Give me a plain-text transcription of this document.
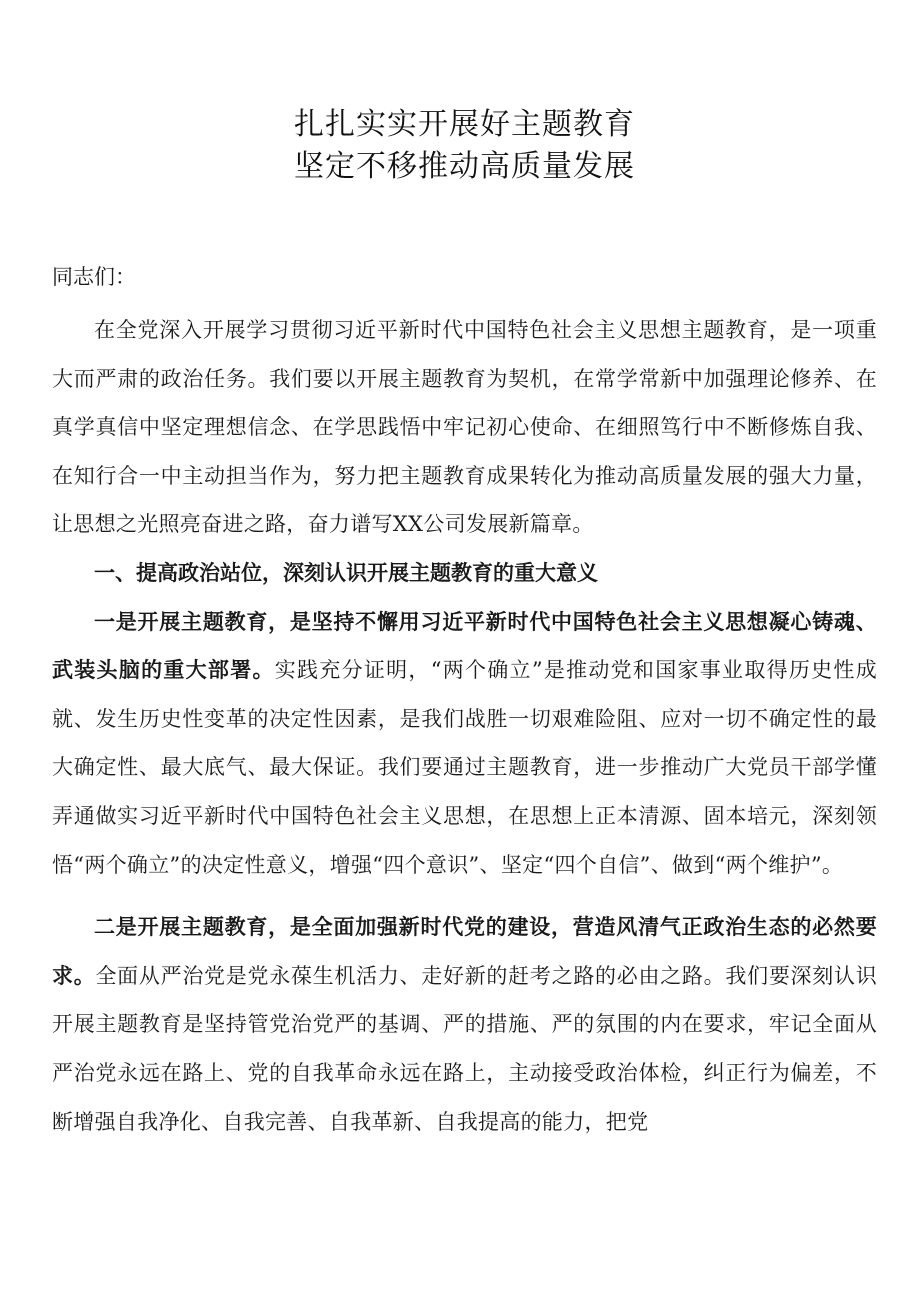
扎扎实实开展好主题教育
坚定不移推动高质量发展

同志们：

在全党深入开展学习贯彻习近平新时代中国特色社会主义思想主题教育，是一项重大而严肃的政治任务。我们要以开展主题教育为契机，在常学常新中加强理论修养、在真学真信中坚定理想信念、在学思践悟中牢记初心使命、在细照笃行中不断修炼自我、在知行合一中主动担当作为，努力把主题教育成果转化为推动高质量发展的强大力量，让思想之光照亮奋进之路，奋力谱写XX公司发展新篇章。

一、提高政治站位，深刻认识开展主题教育的重大意义

一是开展主题教育，是坚持不懈用习近平新时代中国特色社会主义思想凝心铸魂、武装头脑的重大部署。实践充分证明，“两个确立”是推动党和国家事业取得历史性成就、发生历史性变革的决定性因素，是我们战胜一切艰难险阻、应对一切不确定性的最大确定性、最大底气、最大保证。我们要通过主题教育，进一步推动广大党员干部学懂弄通做实习近平新时代中国特色社会主义思想，在思想上正本清源、固本培元，深刻领悟“两个确立”的决定性意义，增强“四个意识”、坚定“四个自信”、做到“两个维护”。

二是开展主题教育，是全面加强新时代党的建设，营造风清气正政治生态的必然要求。全面从严治党是党永葆生机活力、走好新的赶考之路的必由之路。我们要深刻认识开展主题教育是坚持管党治党严的基调、严的措施、严的氛围的内在要求，牢记全面从严治党永远在路上、党的自我革命永远在路上，主动接受政治体检，纠正行为偏差，不断增强自我净化、自我完善、自我革新、自我提高的能力，把党
